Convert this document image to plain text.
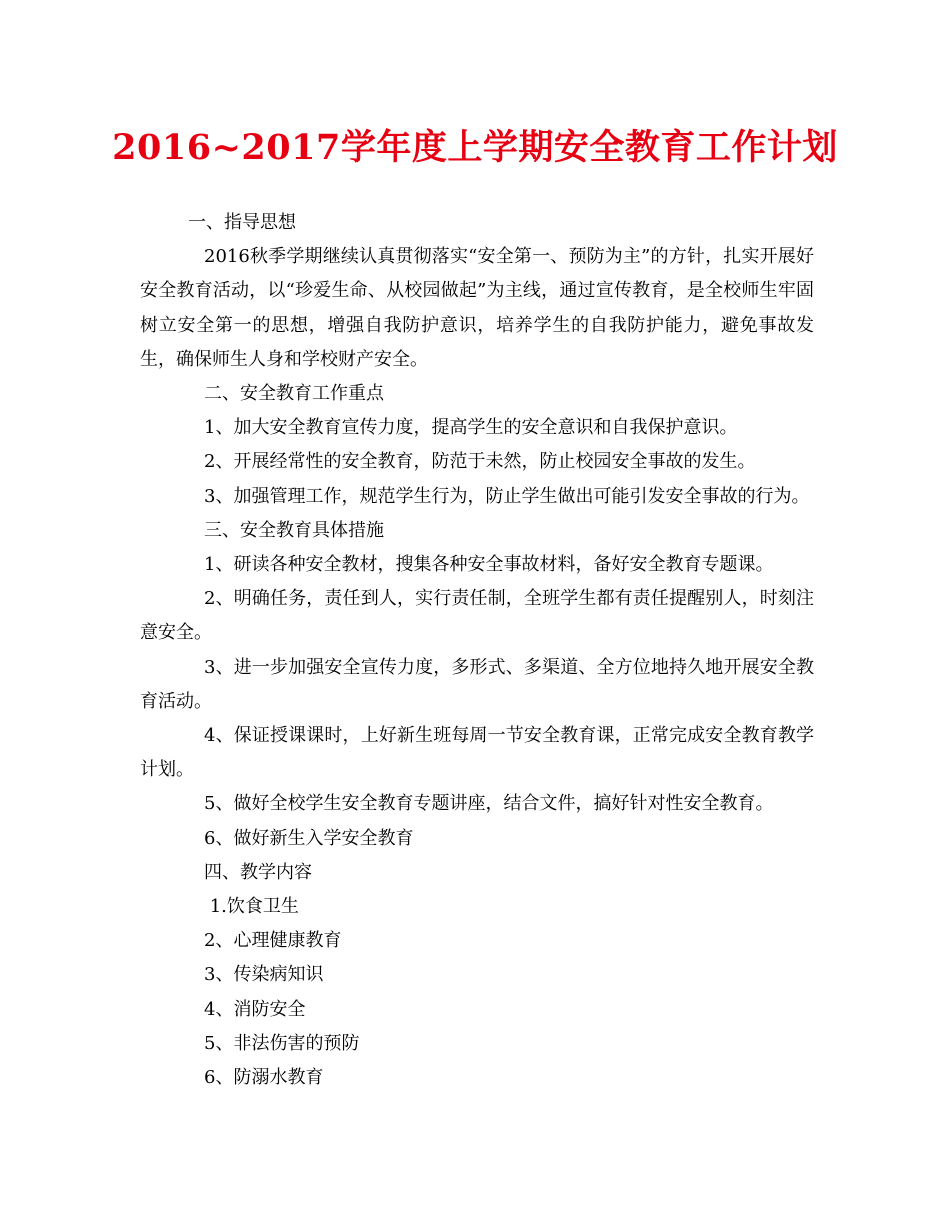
2016~2017学年度上学期安全教育工作计划

一、指导思想

2016秋季学期继续认真贯彻落实“安全第一、预防为主”的方针，扎实开展好安全教育活动，以“珍爱生命、从校园做起”为主线，通过宣传教育，是全校师生牢固树立安全第一的思想，增强自我防护意识，培养学生的自我防护能力，避免事故发生，确保师生人身和学校财产安全。

二、安全教育工作重点

1、加大安全教育宣传力度，提高学生的安全意识和自我保护意识。

2、开展经常性的安全教育，防范于未然，防止校园安全事故的发生。

3、加强管理工作，规范学生行为，防止学生做出可能引发安全事故的行为。

三、安全教育具体措施

1、研读各种安全教材，搜集各种安全事故材料，备好安全教育专题课。

2、明确任务，责任到人，实行责任制，全班学生都有责任提醒别人，时刻注意安全。

3、进一步加强安全宣传力度，多形式、多渠道、全方位地持久地开展安全教育活动。

4、保证授课课时，上好新生班每周一节安全教育课，正常完成安全教育教学计划。

5、做好全校学生安全教育专题讲座，结合文件，搞好针对性安全教育。

6、做好新生入学安全教育

四、教学内容

1.饮食卫生

2、心理健康教育

3、传染病知识

4、消防安全

5、非法伤害的预防

6、防溺水教育
